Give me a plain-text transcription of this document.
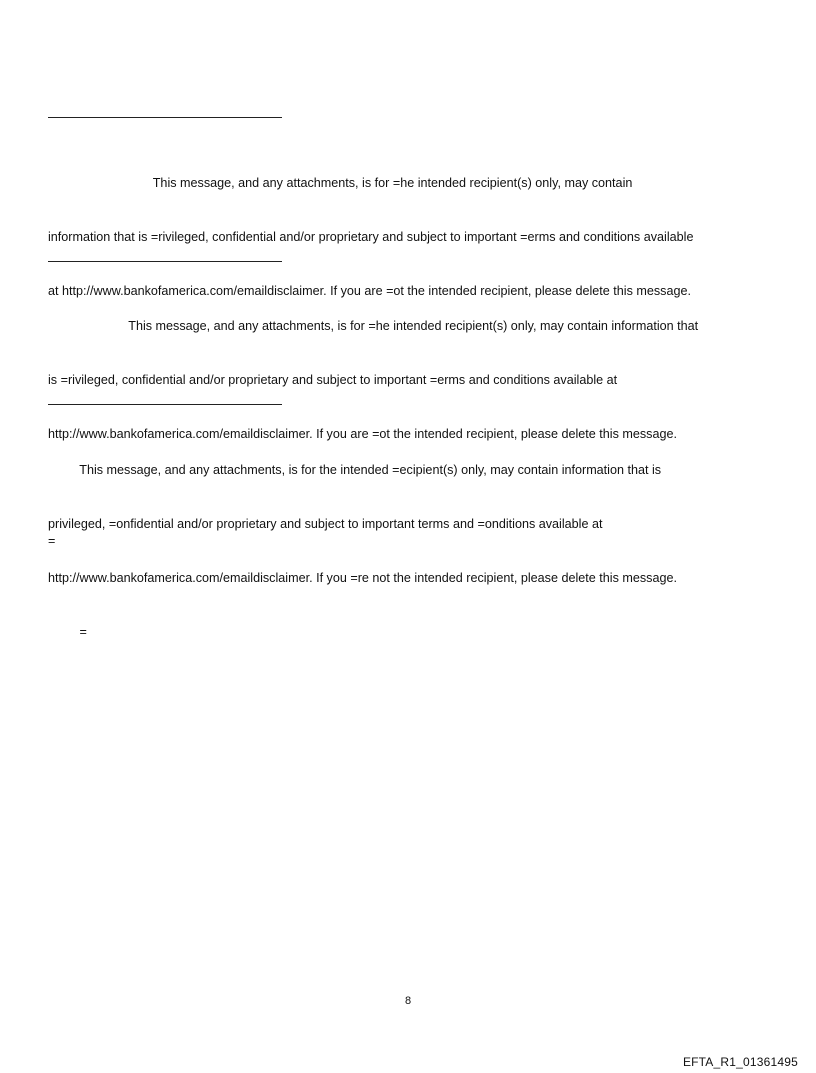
This message, and any attachments, is for =he intended recipient(s) only, may contain

information that is =rivileged, confidential and/or proprietary and subject to important =erms and conditions available

at http://www.bankofamerica.com/emaildisclaimer. If you are =ot the intended recipient, please delete this message.

This message, and any attachments, is for =he intended recipient(s) only, may contain information that

is =rivileged, confidential and/or proprietary and subject to important =erms and conditions available at

http://www.bankofamerica.com/emaildisclaimer. If you are =ot the intended recipient, please delete this message.

This message, and any attachments, is for the intended =ecipient(s) only, may contain information that is

privileged, =onfidential and/or proprietary and subject to important terms and =onditions available at

http://www.bankofamerica.com/emaildisclaimer. If you =re not the intended recipient, please delete this message.

=

=
8
EFTA_R1_01361495
